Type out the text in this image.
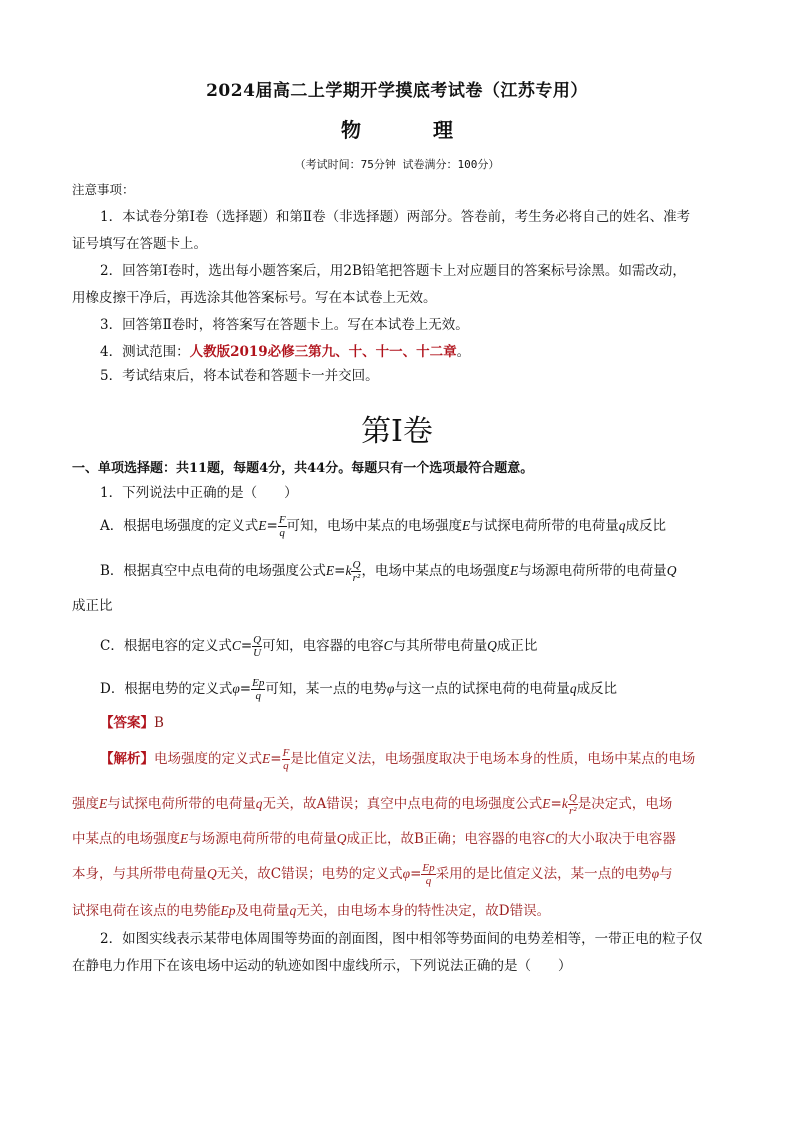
2024届高二上学期开学摸底考试卷（江苏专用）
物	理
（考试时间：75分钟 试卷满分：100分）
注意事项：
1．本试卷分第Ⅰ卷（选择题）和第Ⅱ卷（非选择题）两部分。答卷前，考生务必将自己的姓名、准考
证号填写在答题卡上。
2．回答第Ⅰ卷时，选出每小题答案后，用2B铅笔把答题卡上对应题目的答案标号涂黑。如需改动，
用橡皮擦干净后，再选涂其他答案标号。写在本试卷上无效。
3．回答第Ⅱ卷时，将答案写在答题卡上。写在本试卷上无效。
4．测试范围：人教版2019必修三第九、十、十一、十二章。
5．考试结束后，将本试卷和答题卡一并交回。
第Ⅰ卷
一、单项选择题：共11题，每题4分，共44分。每题只有一个选项最符合题意。
1．下列说法中正确的是（　　）
A．根据电场强度的定义式$E= \frac{F}{q}$ 可知，电场中某点的电场强度E与试探电荷所带的电荷量q成反比
B．根据真空中点电荷的电场强度公式$E=k \frac{Q}{\text{r²}}$ ，电场中某点的电场强度E与场源电荷所带的电荷量Q
成正比
C．根据电容的定义式$C= \frac{Q}{U}$ 可知，电容器的电容C与其所带电荷量Q成正比
D．根据电势的定义式$\varphi= \frac{Ep}{q}$ 可知，某一点的电势φ与这一点的试探电荷的电荷量q成反比
【答案】B
【解析】电场强度的定义式$E= \frac{F}{q}$ 是比值定义法，电场强度取决于电场本身的性质，电场中某点的电场
强度E与试探电荷所带的电荷量q无关，故A错误；真空中点电荷的电场强度公式$E=k \frac{Q}{\text{r²}}$ 是决定式，电场
中某点的电场强度E与场源电荷所带的电荷量Q成正比，故B正确；电容器的电容C的大小取决于电容器
本身，与其所带电荷量Q无关，故C错误；电势的定义式$\varphi= \frac{Ep}{q}$ 采用的是比值定义法，某一点的电势φ与
试探电荷在该点的电势能Ep及电荷量q无关，由电场本身的特性决定，故D错误。
2．如图实线表示某带电体周围等势面的剖面图，图中相邻等势面间的电势差相等，一带正电的粒子仅
在静电力作用下在该电场中运动的轨迹如图中虚线所示，下列说法正确的是（　　）
